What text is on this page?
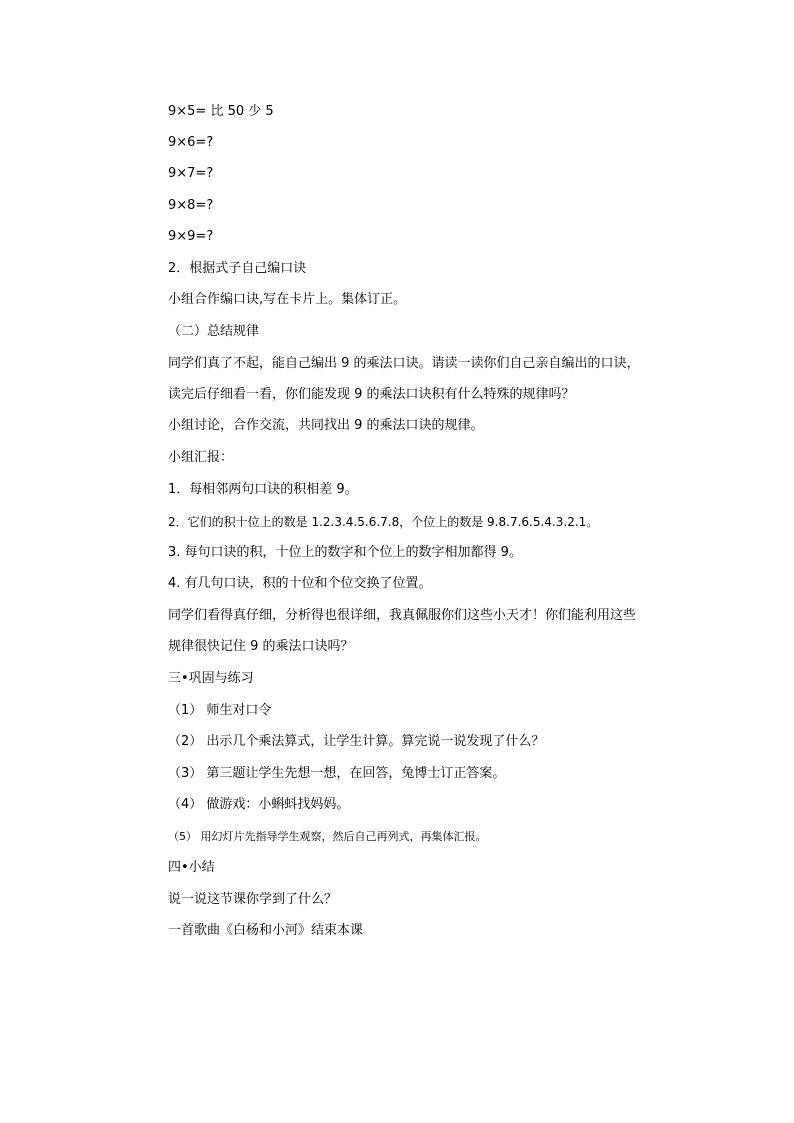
9×5= 比 50 少 5
9×6=?
9×7=?
9×8=?
9×9=?
2．根据式子自己编口诀
小组合作编口诀,写在卡片上。集体订正。
（二）总结规律
同学们真了不起，能自己编出 9 的乘法口诀。请读一读你们自己亲自编出的口诀，
读完后仔细看一看，你们能发现 9 的乘法口诀积有什么特殊的规律吗？
小组讨论，合作交流，共同找出 9 的乘法口诀的规律。
小组汇报：
1．每相邻两句口诀的积相差 9。
2．它们的积十位上的数是 1.2.3.4.5.6.7.8，个位上的数是 9.8.7.6.5.4.3.2.1。
3. 每句口诀的积，十位上的数字和个位上的数字相加都得 9。
4. 有几句口诀，积的十位和个位交换了位置。
同学们看得真仔细，分析得也很详细，我真佩服你们这些小天才！你们能利用这些
规律很快记住 9 的乘法口诀吗？
三•巩固与练习
（1） 师生对口令
（2） 出示几个乘法算式，让学生计算。算完说一说发现了什么？
（3） 第三题让学生先想一想，在回答，兔博士订正答案。
（4） 做游戏：小蝌蚪找妈妈。
（5） 用幻灯片先指导学生观察，然后自己再列式，再集体汇报。
四•小结
说一说这节课你学到了什么？
一首歌曲《白杨和小河》结束本课
